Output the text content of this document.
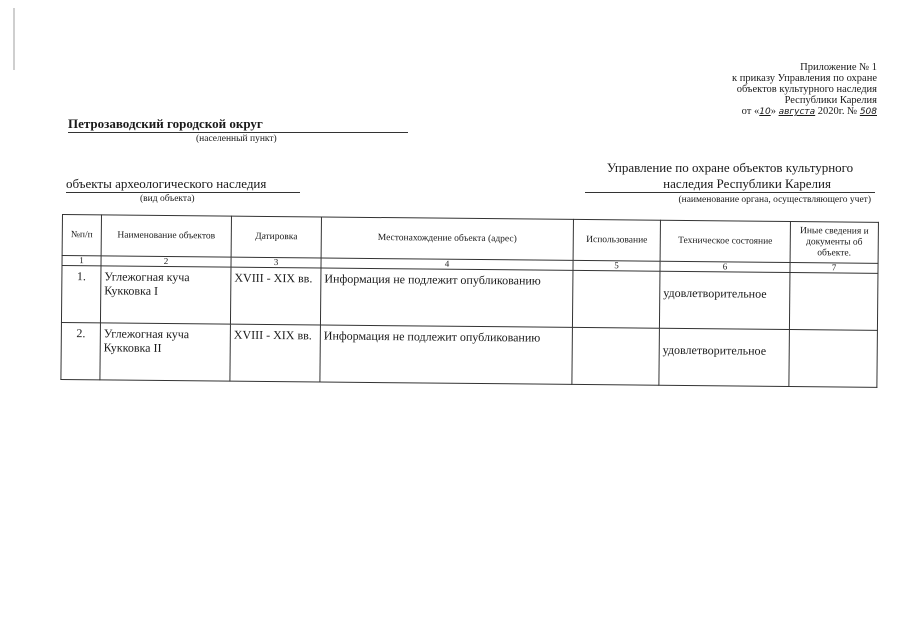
Приложение № 1
к приказу Управления по охране
объектов культурного наследия
Республики Карелия
от «10» августа 2020г. № 508
Петрозаводский городской округ
(населенный пункт)
объекты археологического наследия
(вид объекта)
Управление по охране объектов культурного
наследия Республики Карелия
(наименование органа, осуществляющего учет)
№п/п	Наименование объектов	Датировка	Местонахождение объекта (адрес)	Использование	Техническое состояние	Иные сведения и документы об объекте.
1	2	3	4	5	6	7
1.	Углежогная куча Кукковка I	XVIII - XIX вв.	Информация не подлежит опубликованию		удовлетворительное	
2.	Углежогная куча Кукковка II	XVIII - XIX вв.	Информация не подлежит опубликованию		удовлетворительное	
